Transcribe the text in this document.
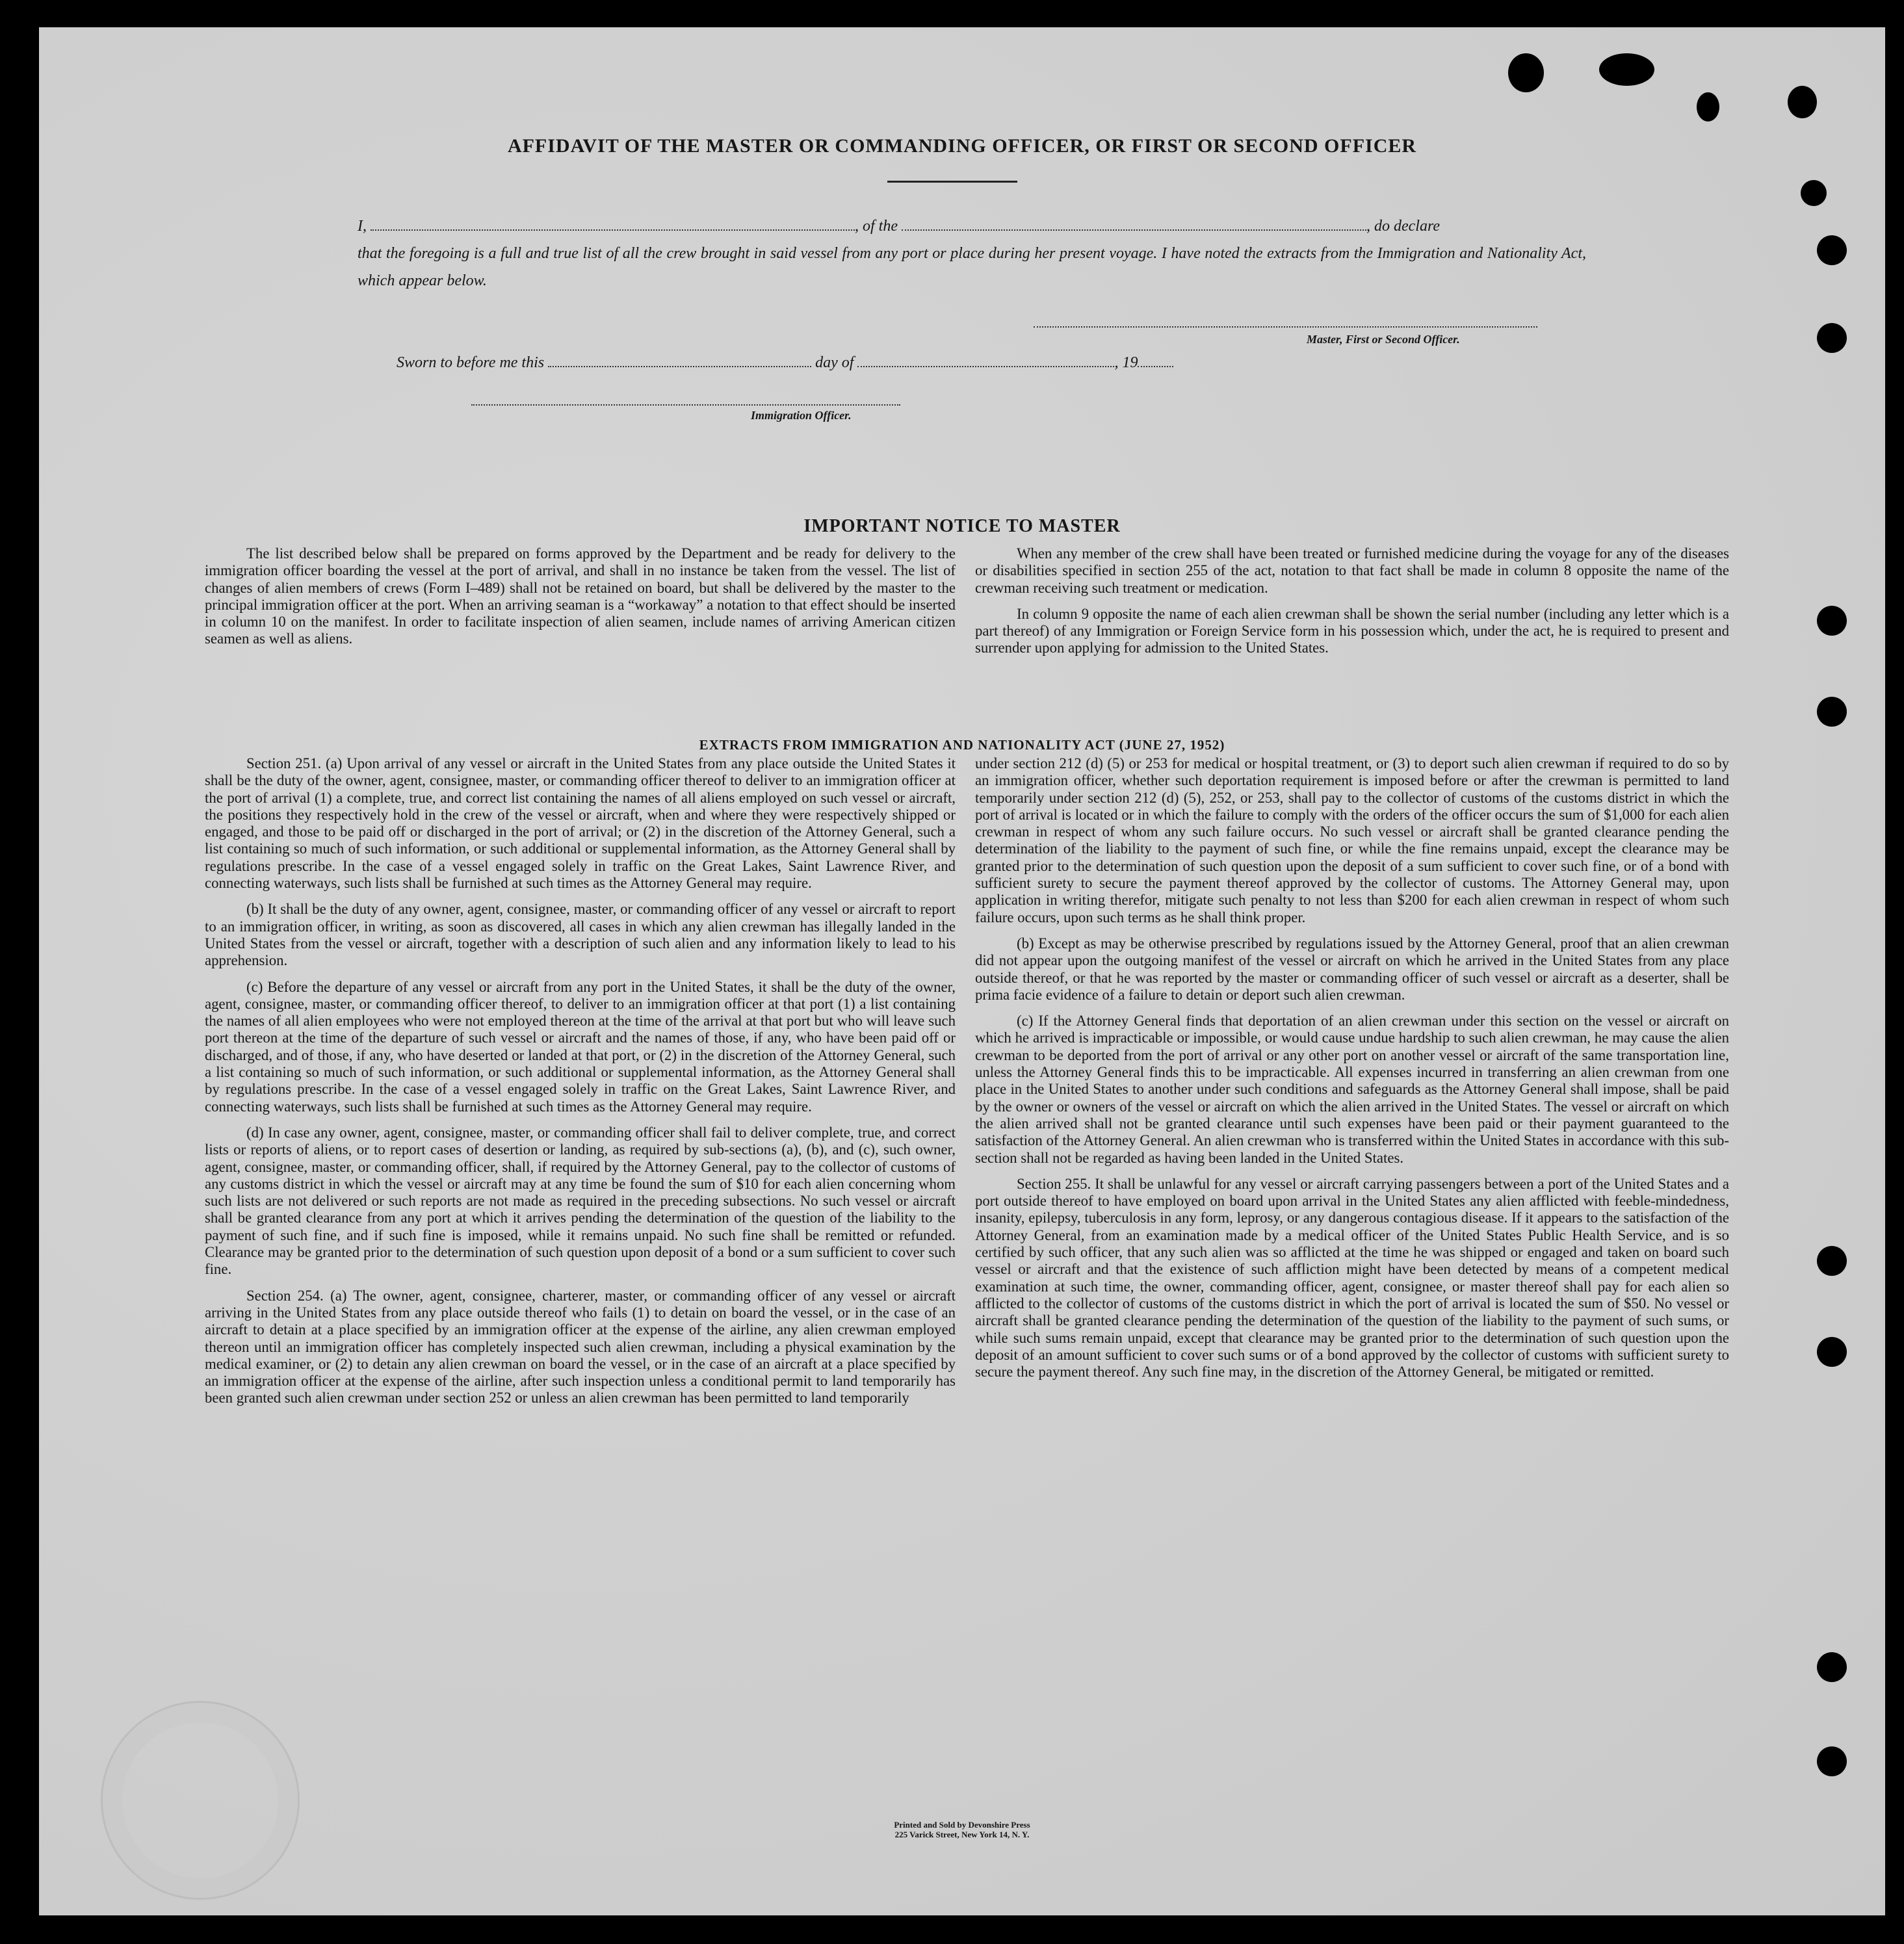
AFFIDAVIT OF THE MASTER OR COMMANDING OFFICER, OR FIRST OR SECOND OFFICER
I,	, of the	, do declare
that the foregoing is a full and true list of all the crew brought in said vessel from any port or place during her present voyage. I have noted the extracts from the Immigration and Nationality Act, which appear below.
Master, First or Second Officer.
Sworn to before me this	day of	, 19
Immigration Officer.
IMPORTANT NOTICE TO MASTER

The list described below shall be prepared on forms approved by the Department and be ready for delivery to the immigration officer boarding the vessel at the port of arrival, and shall in no instance be taken from the vessel. The list of changes of alien members of crews (Form I–489) shall not be retained on board, but shall be delivered by the master to the principal immigration officer at the port. When an arriving seaman is a “workaway” a notation to that effect should be inserted in column 10 on the manifest. In order to facilitate inspection of alien seamen, include names of arriving American citizen seamen as well as aliens.

When any member of the crew shall have been treated or furnished medicine during the voyage for any of the diseases or disabilities specified in section 255 of the act, notation to that fact shall be made in column 8 opposite the name of the crewman receiving such treatment or medication.

In column 9 opposite the name of each alien crewman shall be shown the serial number (including any letter which is a part thereof) of any Immigration or Foreign Service form in his possession which, under the act, he is required to present and surrender upon applying for admission to the United States.

EXTRACTS FROM IMMIGRATION AND NATIONALITY ACT (JUNE 27, 1952)

Section 251. (a) Upon arrival of any vessel or aircraft in the United States from any place outside the United States it shall be the duty of the owner, agent, consignee, master, or commanding officer thereof to deliver to an immigration officer at the port of arrival (1) a complete, true, and correct list containing the names of all aliens employed on such vessel or aircraft, the positions they respectively hold in the crew of the vessel or aircraft, when and where they were respectively shipped or engaged, and those to be paid off or discharged in the port of arrival; or (2) in the discretion of the Attorney General, such a list containing so much of such information, or such additional or supplemental information, as the Attorney General shall by regulations prescribe. In the case of a vessel engaged solely in traffic on the Great Lakes, Saint Lawrence River, and connecting waterways, such lists shall be furnished at such times as the Attorney General may require.

(b) It shall be the duty of any owner, agent, consignee, master, or commanding officer of any vessel or aircraft to report to an immigration officer, in writing, as soon as discovered, all cases in which any alien crewman has illegally landed in the United States from the vessel or aircraft, together with a description of such alien and any information likely to lead to his apprehension.

(c) Before the departure of any vessel or aircraft from any port in the United States, it shall be the duty of the owner, agent, consignee, master, or commanding officer thereof, to deliver to an immigration officer at that port (1) a list containing the names of all alien employees who were not employed thereon at the time of the arrival at that port but who will leave such port thereon at the time of the departure of such vessel or aircraft and the names of those, if any, who have been paid off or discharged, and of those, if any, who have deserted or landed at that port, or (2) in the discretion of the Attorney General, such a list containing so much of such information, or such additional or supplemental information, as the Attorney General shall by regulations prescribe. In the case of a vessel engaged solely in traffic on the Great Lakes, Saint Lawrence River, and connecting waterways, such lists shall be furnished at such times as the Attorney General may require.

(d) In case any owner, agent, consignee, master, or commanding officer shall fail to deliver complete, true, and correct lists or reports of aliens, or to report cases of desertion or landing, as required by sub-sections (a), (b), and (c), such owner, agent, consignee, master, or commanding officer, shall, if required by the Attorney General, pay to the collector of customs of any customs district in which the vessel or aircraft may at any time be found the sum of $10 for each alien concerning whom such lists are not delivered or such reports are not made as required in the preceding subsections. No such vessel or aircraft shall be granted clearance from any port at which it arrives pending the determination of the question of the liability to the payment of such fine, and if such fine is imposed, while it remains unpaid. No such fine shall be remitted or refunded. Clearance may be granted prior to the determination of such question upon deposit of a bond or a sum sufficient to cover such fine.

Section 254. (a) The owner, agent, consignee, charterer, master, or commanding officer of any vessel or aircraft arriving in the United States from any place outside thereof who fails (1) to detain on board the vessel, or in the case of an aircraft to detain at a place specified by an immigration officer at the expense of the airline, any alien crewman employed thereon until an immigration officer has completely inspected such alien crewman, including a physical examination by the medical examiner, or (2) to detain any alien crewman on board the vessel, or in the case of an aircraft at a place specified by an immigration officer at the expense of the airline, after such inspection unless a conditional permit to land temporarily has been granted such alien crewman under section 252 or unless an alien crewman has been permitted to land temporarily

under section 212 (d) (5) or 253 for medical or hospital treatment, or (3) to deport such alien crewman if required to do so by an immigration officer, whether such deportation requirement is imposed before or after the crewman is permitted to land temporarily under section 212 (d) (5), 252, or 253, shall pay to the collector of customs of the customs district in which the port of arrival is located or in which the failure to comply with the orders of the officer occurs the sum of $1,000 for each alien crewman in respect of whom any such failure occurs. No such vessel or aircraft shall be granted clearance pending the determination of the liability to the payment of such fine, or while the fine remains unpaid, except the clearance may be granted prior to the determination of such question upon the deposit of a sum sufficient to cover such fine, or of a bond with sufficient surety to secure the payment thereof approved by the collector of customs. The Attorney General may, upon application in writing therefor, mitigate such penalty to not less than $200 for each alien crewman in respect of whom such failure occurs, upon such terms as he shall think proper.

(b) Except as may be otherwise prescribed by regulations issued by the Attorney General, proof that an alien crewman did not appear upon the outgoing manifest of the vessel or aircraft on which he arrived in the United States from any place outside thereof, or that he was reported by the master or commanding officer of such vessel or aircraft as a deserter, shall be prima facie evidence of a failure to detain or deport such alien crewman.

(c) If the Attorney General finds that deportation of an alien crewman under this section on the vessel or aircraft on which he arrived is impracticable or impossible, or would cause undue hardship to such alien crewman, he may cause the alien crewman to be deported from the port of arrival or any other port on another vessel or aircraft of the same transportation line, unless the Attorney General finds this to be impracticable. All expenses incurred in transferring an alien crewman from one place in the United States to another under such conditions and safeguards as the Attorney General shall impose, shall be paid by the owner or owners of the vessel or aircraft on which the alien arrived in the United States. The vessel or aircraft on which the alien arrived shall not be granted clearance until such expenses have been paid or their payment guaranteed to the satisfaction of the Attorney General. An alien crewman who is transferred within the United States in accordance with this sub-section shall not be regarded as having been landed in the United States.

Section 255. It shall be unlawful for any vessel or aircraft carrying passengers between a port of the United States and a port outside thereof to have employed on board upon arrival in the United States any alien afflicted with feeble-mindedness, insanity, epilepsy, tuberculosis in any form, leprosy, or any dangerous contagious disease. If it appears to the satisfaction of the Attorney General, from an examination made by a medical officer of the United States Public Health Service, and is so certified by such officer, that any such alien was so afflicted at the time he was shipped or engaged and taken on board such vessel or aircraft and that the existence of such affliction might have been detected by means of a competent medical examination at such time, the owner, commanding officer, agent, consignee, or master thereof shall pay for each alien so afflicted to the collector of customs of the customs district in which the port of arrival is located the sum of $50. No vessel or aircraft shall be granted clearance pending the determination of the question of the liability to the payment of such sums, or while such sums remain unpaid, except that clearance may be granted prior to the determination of such question upon the deposit of an amount sufficient to cover such sums or of a bond approved by the collector of customs with sufficient surety to secure the payment thereof. Any such fine may, in the discretion of the Attorney General, be mitigated or remitted.

Printed and Sold by Devonshire Press
225 Varick Street, New York 14, N. Y.
